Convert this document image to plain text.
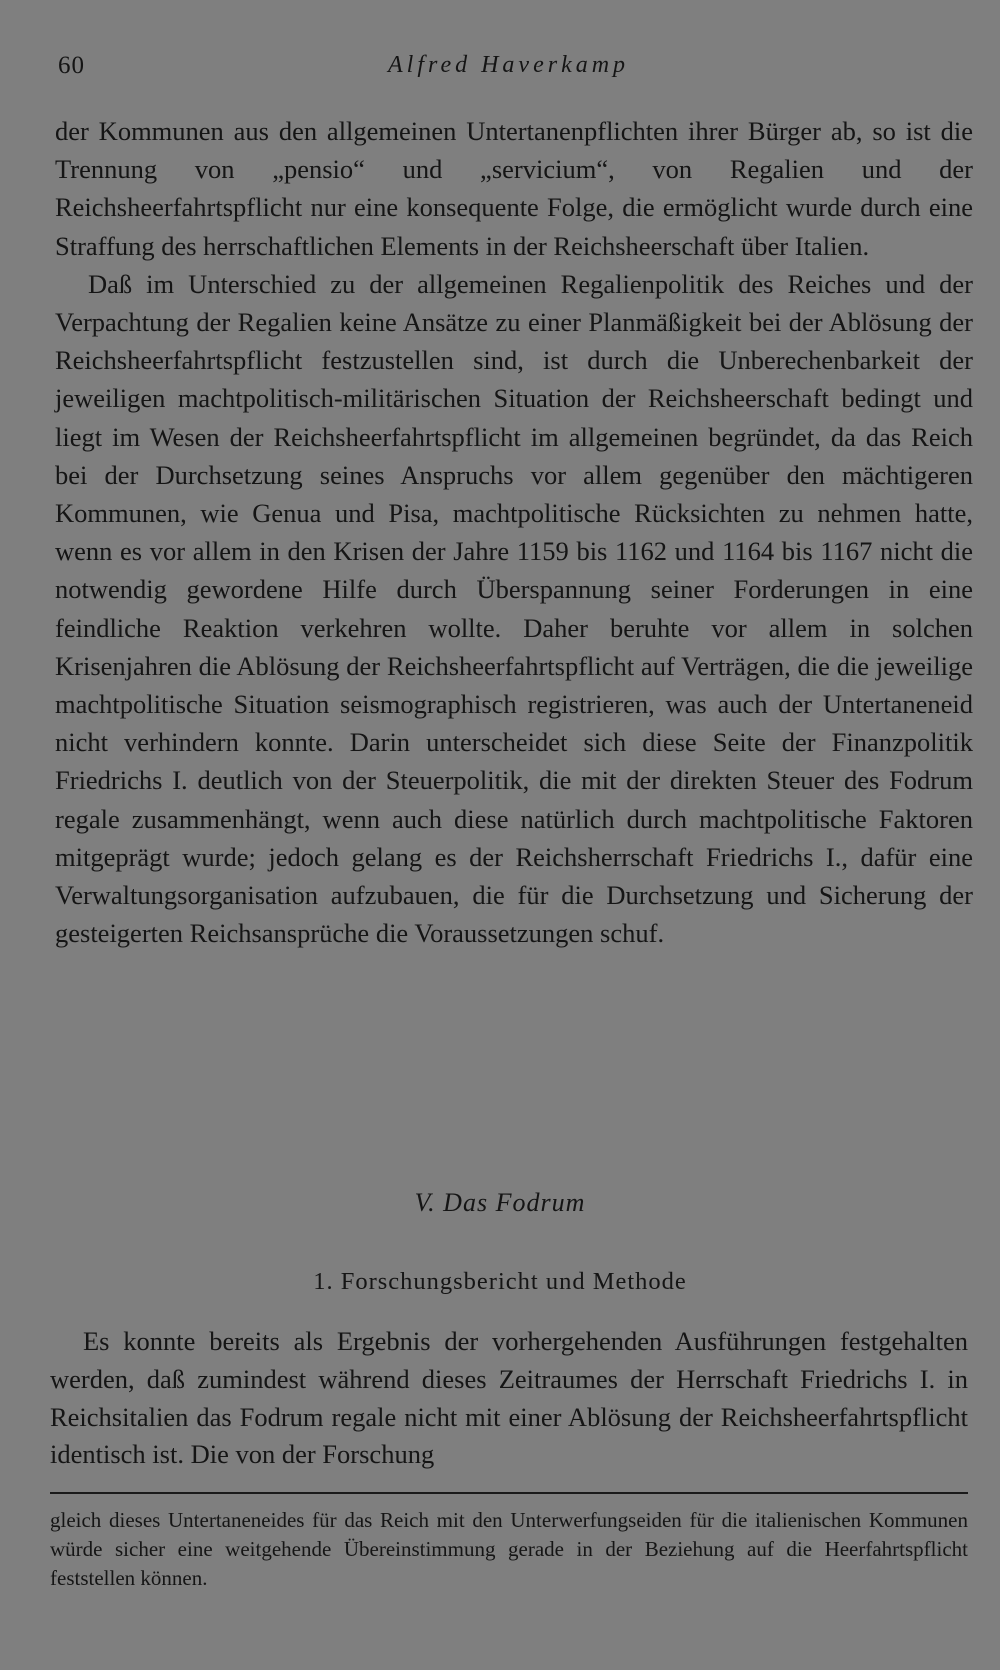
60	Alfred Haverkamp

der Kommunen aus den allgemeinen Untertanenpflichten ihrer Bürger ab, so ist die Trennung von „pensio“ und „servicium“, von Regalien und der Reichsheerfahrtspflicht nur eine konsequente Folge, die ermöglicht wurde durch eine Straffung des herrschaftlichen Elements in der Reichsheerschaft über Italien.

Daß im Unterschied zu der allgemeinen Regalienpolitik des Reiches und der Verpachtung der Regalien keine Ansätze zu einer Planmäßigkeit bei der Ablösung der Reichsheerfahrtspflicht festzustellen sind, ist durch die Unberechenbarkeit der jeweiligen machtpolitisch-militärischen Situation der Reichsheerschaft bedingt und liegt im Wesen der Reichsheerfahrtspflicht im allgemeinen begründet, da das Reich bei der Durchsetzung seines Anspruchs vor allem gegenüber den mächtigeren Kommunen, wie Genua und Pisa, machtpolitische Rücksichten zu nehmen hatte, wenn es vor allem in den Krisen der Jahre 1159 bis 1162 und 1164 bis 1167 nicht die notwendig gewordene Hilfe durch Überspannung seiner Forderungen in eine feindliche Reaktion verkehren wollte. Daher beruhte vor allem in solchen Krisenjahren die Ablösung der Reichsheerfahrtspflicht auf Verträgen, die die jeweilige machtpolitische Situation seismographisch registrieren, was auch der Untertaneneid nicht verhindern konnte. Darin unterscheidet sich diese Seite der Finanzpolitik Friedrichs I. deutlich von der Steuerpolitik, die mit der direkten Steuer des Fodrum regale zusammenhängt, wenn auch diese natürlich durch machtpolitische Faktoren mitgeprägt wurde; jedoch gelang es der Reichsherrschaft Friedrichs I., dafür eine Verwaltungsorganisation aufzubauen, die für die Durchsetzung und Sicherung der gesteigerten Reichsansprüche die Voraussetzungen schuf.

V. Das Fodrum
1. Forschungsbericht und Methode

Es konnte bereits als Ergebnis der vorhergehenden Ausführungen festgehalten werden, daß zumindest während dieses Zeitraumes der Herrschaft Friedrichs I. in Reichsitalien das Fodrum regale nicht mit einer Ablösung der Reichsheerfahrtspflicht identisch ist. Die von der Forschung

gleich dieses Untertaneneides für das Reich mit den Unterwerfungseiden für die italienischen Kommunen würde sicher eine weitgehende Übereinstimmung gerade in der Beziehung auf die Heerfahrtspflicht feststellen können.
